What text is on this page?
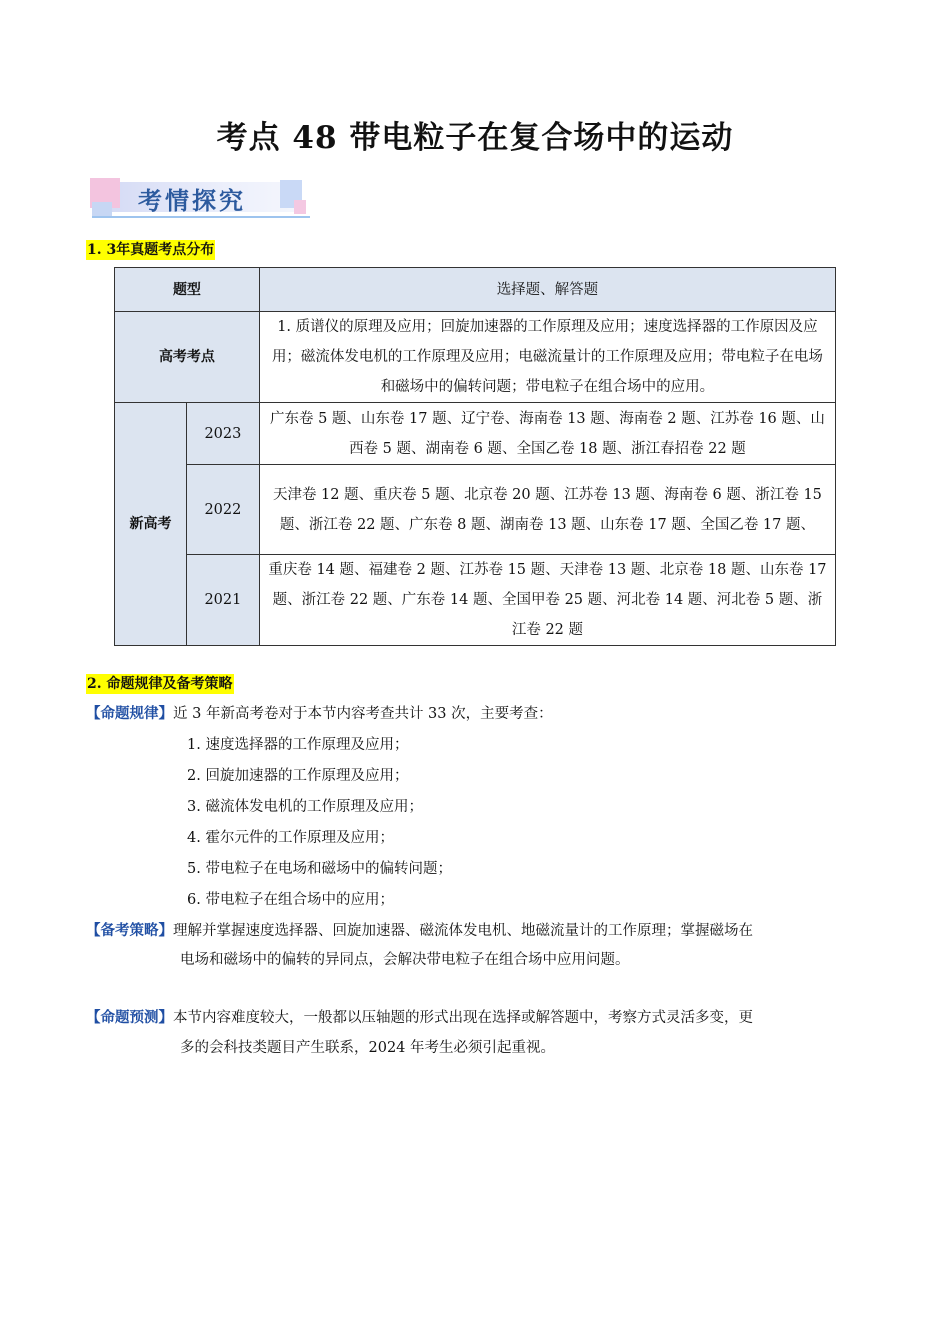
考点 48 带电粒子在复合场中的运动
考情探究
1. 3年真题考点分布
题型		选择题、解答题
高考考点		1. 质谱仪的原理及应用；回旋加速器的工作原理及应用；速度选择器的工作原因及应用；磁流体发电机的工作原理及应用；电磁流量计的工作原理及应用；带电粒子在电场和磁场中的偏转问题；带电粒子在组合场中的应用。
新高考	2023	广东卷 5 题、山东卷 17 题、辽宁卷、海南卷 13 题、海南卷 2 题、江苏卷 16 题、山西卷 5 题、湖南卷 6 题、全国乙卷 18 题、浙江春招卷 22 题
	2022	天津卷 12 题、重庆卷 5 题、北京卷 20 题、江苏卷 13 题、海南卷 6 题、浙江卷 15 题、浙江卷 22 题、广东卷 8 题、湖南卷 13 题、山东卷 17 题、全国乙卷 17 题、
	2021	重庆卷 14 题、福建卷 2 题、江苏卷 15 题、天津卷 13 题、北京卷 18 题、山东卷 17 题、浙江卷 22 题、广东卷 14 题、全国甲卷 25 题、河北卷 14 题、河北卷 5 题、浙江卷 22 题
2. 命题规律及备考策略
【命题规律】近 3 年新高考卷对于本节内容考查共计 33 次，主要考查：
1. 速度选择器的工作原理及应用；
2. 回旋加速器的工作原理及应用；
3. 磁流体发电机的工作原理及应用；
4. 霍尔元件的工作原理及应用；
5. 带电粒子在电场和磁场中的偏转问题；
6. 带电粒子在组合场中的应用；
【备考策略】理解并掌握速度选择器、回旋加速器、磁流体发电机、地磁流量计的工作原理；掌握磁场在
电场和磁场中的偏转的异同点，会解决带电粒子在组合场中应用问题。
【命题预测】本节内容难度较大，一般都以压轴题的形式出现在选择或解答题中，考察方式灵活多变，更
多的会科技类题目产生联系，2024 年考生必须引起重视。
